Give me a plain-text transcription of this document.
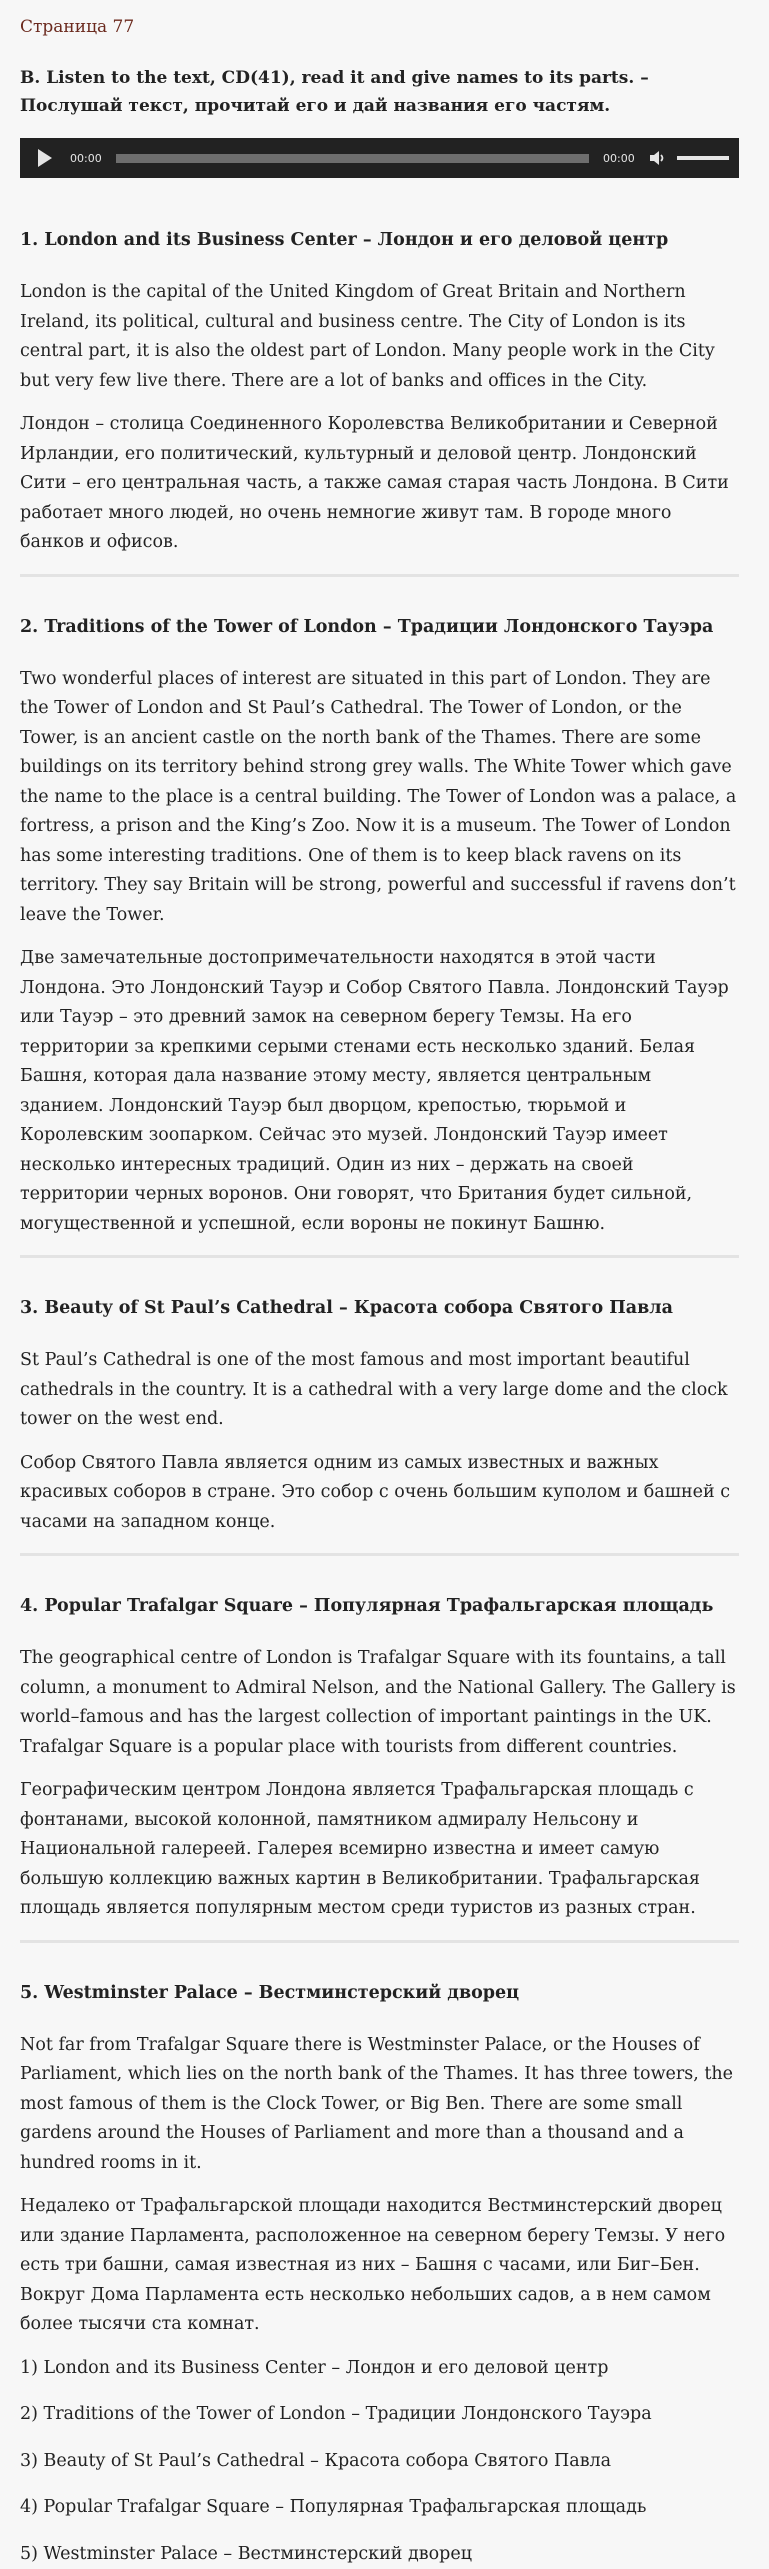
Страница 77
B. Listen to the text, CD(41), read it and give names to its parts. – Послушай текст, прочитай его и дай названия его частям.
00:00	00:00
1. London and its Business Center – Лондон и его деловой центр

London is the capital of the United Kingdom of Great Britain and Northern Ireland, its political, cultural and business centre. The City of London is its central part, it is also the oldest part of London. Many people work in the City but very few live there. There are a lot of banks and offices in the City.

Лондон – столица Соединенного Королевства Великобритании и Северной Ирландии, его политический, культурный и деловой центр. Лондонский Сити – его центральная часть, а также самая старая часть Лондона. В Сити работает много людей, но очень немногие живут там. В городе много банков и офисов.

2. Traditions of the Tower of London – Традиции Лондонского Тауэра

Two wonderful places of interest are situated in this part of London. They are the Tower of London and St Paul’s Cathedral. The Tower of London, or the Tower, is an ancient castle on the north bank of the Thames. There are some buildings on its territory behind strong grey walls. The White Tower which gave the name to the place is a central building. The Tower of London was a palace, a fortress, a prison and the King’s Zoo. Now it is a museum. The Tower of London has some interesting traditions. One of them is to keep black ravens on its territory. They say Britain will be strong, powerful and successful if ravens don’t leave the Tower.

Две замечательные достопримечательности находятся в этой части Лондона. Это Лондонский Тауэр и Собор Святого Павла. Лондонский Тауэр или Тауэр – это древний замок на северном берегу Темзы. На его территории за крепкими серыми стенами есть несколько зданий. Белая Башня, которая дала название этому месту, является центральным зданием. Лондонский Тауэр был дворцом, крепостью, тюрьмой и Королевским зоопарком. Сейчас это музей. Лондонский Тауэр имеет несколько интересных традиций. Один из них – держать на своей территории черных воронов. Они говорят, что Британия будет сильной, могущественной и успешной, если вороны не покинут Башню.

3. Beauty of St Paul’s Cathedral – Красота собора Святого Павла

St Paul’s Cathedral is one of the most famous and most important beautiful cathedrals in the country. It is a cathedral with a very large dome and the clock tower on the west end.

Собор Святого Павла является одним из самых известных и важных красивых соборов в стране. Это собор с очень большим куполом и башней с часами на западном конце.

4. Popular Trafalgar Square – Популярная Трафальгарская площадь

The geographical centre of London is Trafalgar Square with its fountains, a tall column, a monument to Admiral Nelson, and the National Gallery. The Gallery is world–famous and has the largest collection of important paintings in the UK. Trafalgar Square is a popular place with tourists from different countries.

Географическим центром Лондона является Трафальгарская площадь с фонтанами, высокой колонной, памятником адмиралу Нельсону и Национальной галереей. Галерея всемирно известна и имеет самую большую коллекцию важных картин в Великобритании. Трафальгарская площадь является популярным местом среди туристов из разных стран.

5. Westminster Palace – Вестминстерский дворец

Not far from Trafalgar Square there is Westminster Palace, or the Houses of Parliament, which lies on the north bank of the Thames. It has three towers, the most famous of them is the Clock Tower, or Big Ben. There are some small gardens around the Houses of Parliament and more than a thousand and a hundred rooms in it.

Недалеко от Трафальгарской площади находится Вестминстерский дворец или здание Парламента, расположенное на северном берегу Темзы. У него есть три башни, самая известная из них – Башня с часами, или Биг–Бен. Вокруг Дома Парламента есть несколько небольших садов, а в нем самом более тысячи ста комнат.

1) London and its Business Center – Лондон и его деловой центр

2) Traditions of the Tower of London – Традиции Лондонского Тауэра

3) Beauty of St Paul’s Cathedral – Красота собора Святого Павла

4) Popular Trafalgar Square – Популярная Трафальгарская площадь

5) Westminster Palace – Вестминстерский дворец
